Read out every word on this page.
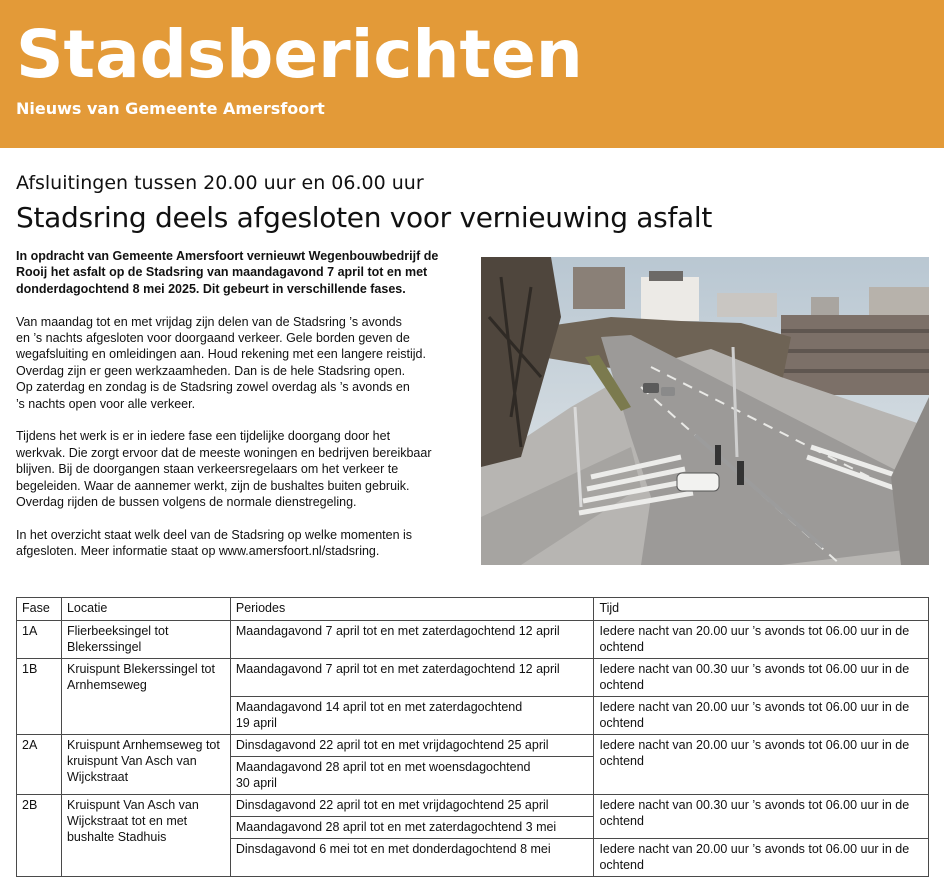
Stadsberichten
Nieuws van Gemeente Amersfoort
Afsluitingen tussen 20.00 uur en 06.00 uur
Stadsring deels afgesloten voor vernieuwing asfalt

In opdracht van Gemeente Amersfoort vernieuwt Wegenbouwbedrijf de
Rooij het asfalt op de Stadsring van maandagavond 7 april tot en met
donderdagochtend 8 mei 2025. Dit gebeurt in verschillende fases.

Van maandag tot en met vrijdag zijn delen van de Stadsring ’s avonds
en ’s nachts afgesloten voor doorgaand verkeer. Gele borden geven de
wegafsluiting en omleidingen aan. Houd rekening met een langere reistijd.
Overdag zijn er geen werkzaamheden. Dan is de hele Stadsring open.
Op zaterdag en zondag is de Stadsring zowel overdag als ’s avonds en
’s nachts open voor alle verkeer.

Tijdens het werk is er in iedere fase een tijdelijke doorgang door het
werkvak. Die zorgt ervoor dat de meeste woningen en bedrijven bereikbaar
blijven. Bij de doorgangen staan verkeersregelaars om het verkeer te
begeleiden. Waar de aannemer werkt, zijn de bushaltes buiten gebruik.
Overdag rijden de bussen volgens de normale dienstregeling.

In het overzicht staat welk deel van de Stadsring op welke momenten is
afgesloten. Meer informatie staat op www.amersfoort.nl/stadsring.

Fase	Locatie	Periodes	Tijd
1A	Flierbeeksingel tot Blekerssingel	Maandagavond 7 april tot en met zaterdagochtend 12 april	Iedere nacht van 20.00 uur ’s avonds tot 06.00 uur in de ochtend
1B	Kruispunt Blekerssingel tot Arnhemseweg	Maandagavond 7 april tot en met zaterdagochtend 12 april	Iedere nacht van 00.30 uur ’s avonds tot 06.00 uur in de ochtend
		Maandagavond 14 april tot en met zaterdagochtend
19 april	Iedere nacht van 20.00 uur ’s avonds tot 06.00 uur in de ochtend
2A	Kruispunt Arnhemseweg tot kruispunt Van Asch van Wijckstraat	Dinsdagavond 22 april tot en met vrijdagochtend 25 april	Iedere nacht van 20.00 uur ’s avonds tot 06.00 uur in de ochtend
		Maandagavond 28 april tot en met woensdagochtend
30 april	
2B	Kruispunt Van Asch van Wijckstraat tot en met bushalte Stadhuis	Dinsdagavond 22 april tot en met vrijdagochtend 25 april	Iedere nacht van 00.30 uur ’s avonds tot 06.00 uur in de ochtend
		Maandagavond 28 april tot en met zaterdagochtend 3 mei	
		Dinsdagavond 6 mei tot en met donderdagochtend 8 mei	Iedere nacht van 20.00 uur ’s avonds tot 06.00 uur in de ochtend
